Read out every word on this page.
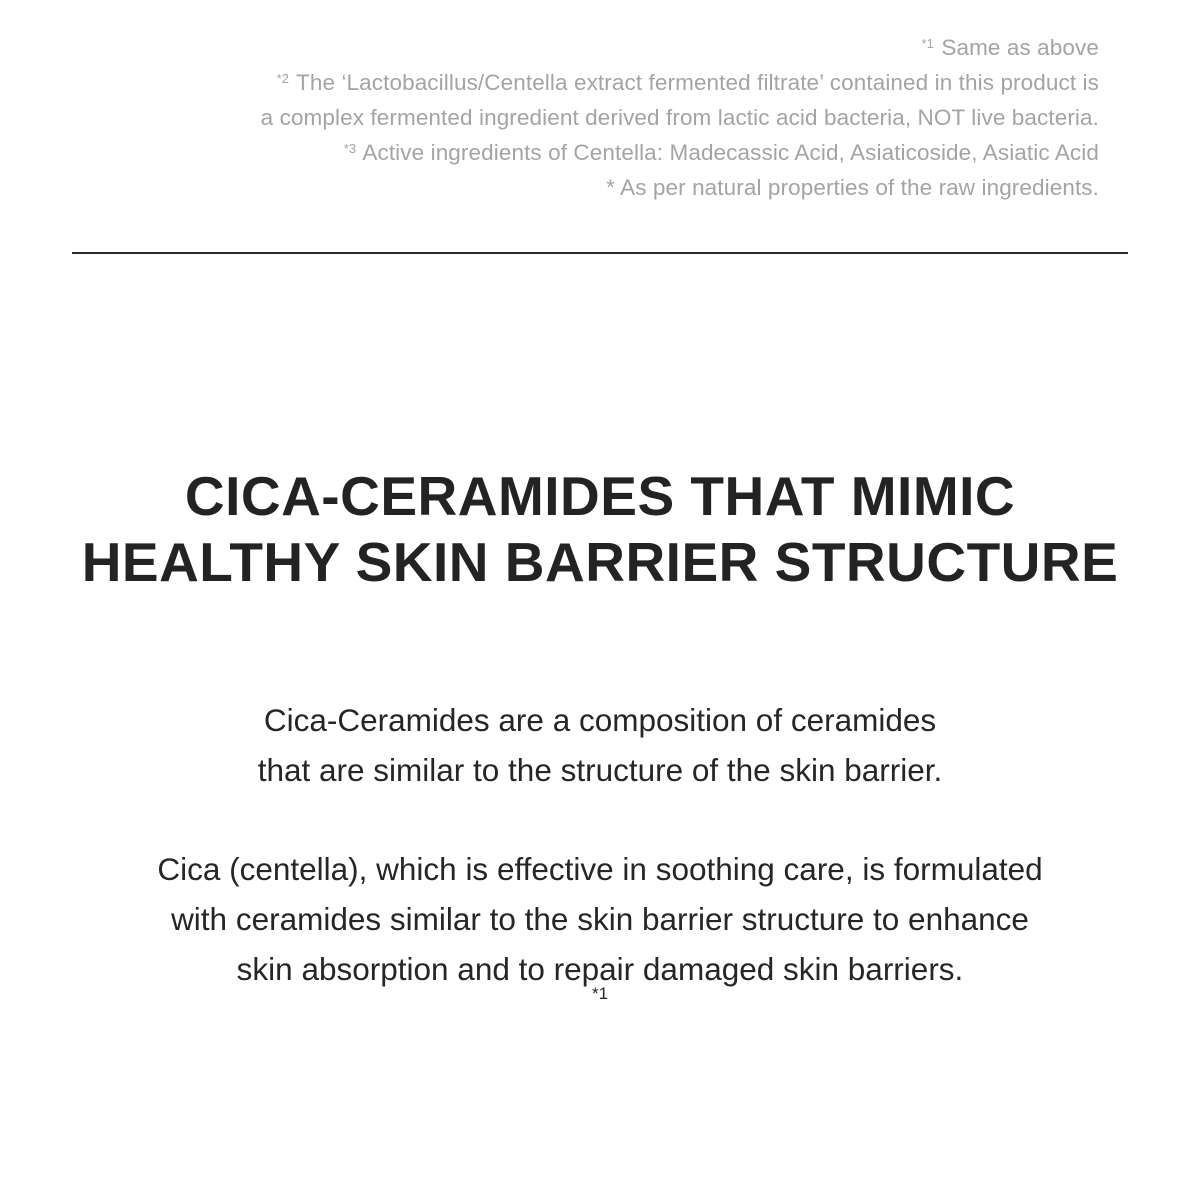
$^{*1}$ Same as above
$^{*2}$ The ‘Lactobacillus/Centella extract fermented filtrate’ contained in this product is
a complex fermented ingredient derived from lactic acid bacteria, NOT live bacteria.
$^{*3}$ Active ingredients of Centella: Madecassic Acid, Asiaticoside, Asiatic Acid
* As per natural properties of the raw ingredients.
CICA-CERAMIDES THAT MIMIC
HEALTHY SKIN BARRIER STRUCTURE

Cica-Ceramides are a composition of ceramides
that are similar to the structure of the skin barrier.

Cica (centella), which is effective in soothing care, is formulated
with ceramides similar to the skin barrier structure to enhance
skin absorption and to repair damaged skin barriers.
*1
